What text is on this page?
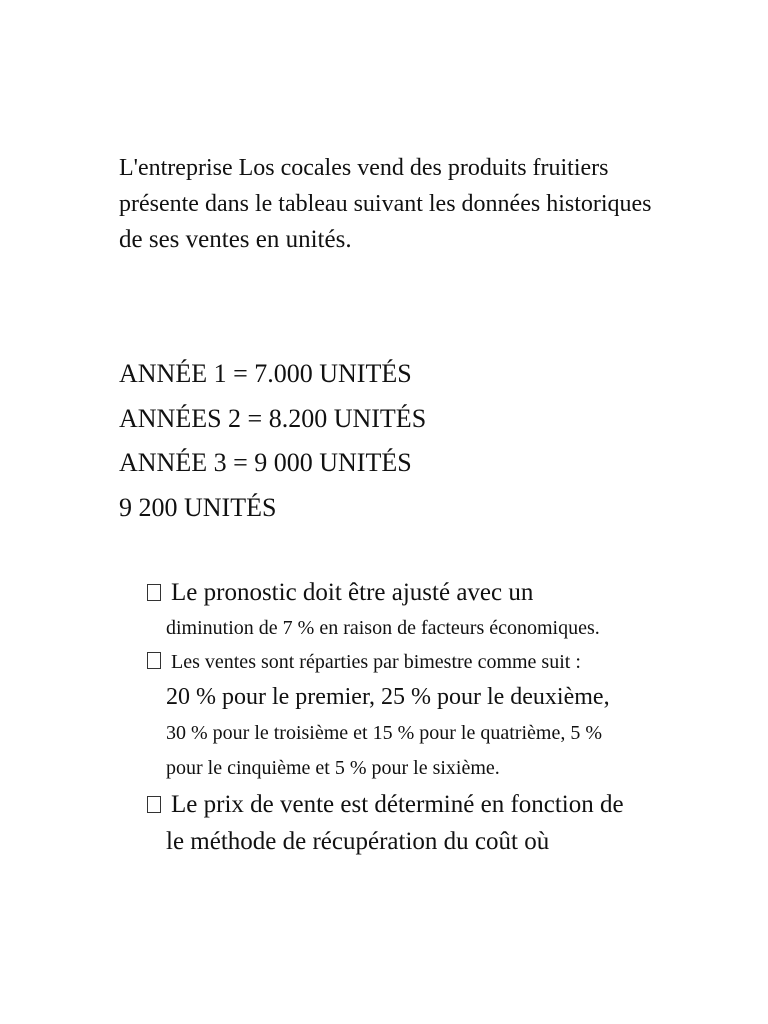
L'entreprise Los cocales vend des produits fruitiers
présente dans le tableau suivant les données historiques
de ses ventes en unités.

ANNÉE 1 = 7.000 UNITÉS
ANNÉES 2 = 8.200 UNITÉS
ANNÉE 3 = 9 000 UNITÉS
9 200 UNITÉS
Le pronostic doit être ajusté avec un
diminution de 7 % en raison de facteurs économiques.
Les ventes sont réparties par bimestre comme suit :
20 % pour le premier, 25 % pour le deuxième,
30 % pour le troisième et 15 % pour le quatrième, 5 %
pour le cinquième et 5 % pour le sixième.
Le prix de vente est déterminé en fonction de
le méthode de récupération du coût où
